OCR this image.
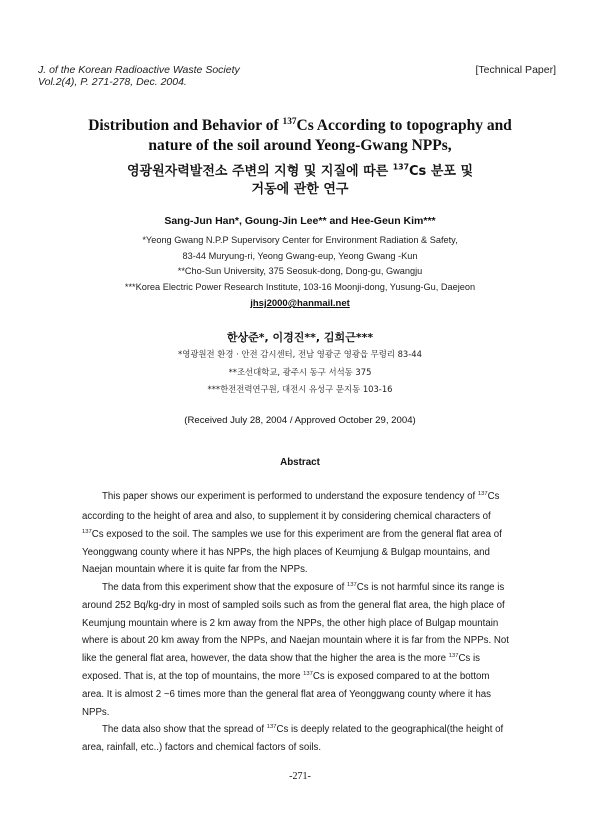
J. of the Korean Radioactive Waste Society
Vol.2(4), P. 271-278, Dec. 2004.
[Technical Paper]
Distribution and Behavior of $^{137}$Cs According to topography and
nature of the soil around Yeong-Gwang NPPs,
영광원자력발전소 주변의 지형 및 지질에 따른 $^{137}$Cs 분포 및
거동에 관한 연구
Sang-Jun Han*, Goung-Jin Lee** and Hee-Geun Kim***
*Yeong Gwang N.P.P Supervisory Center for Environment Radiation & Safety,
83-44 Muryung-ri, Yeong Gwang-eup, Yeong Gwang -Kun
**Cho-Sun University, 375 Seosuk-dong, Dong-gu, Gwangju
***Korea Electric Power Research Institute, 103-16 Moonji-dong, Yusung-Gu, Daejeon
jhsj2000@hanmail.net
한상준*, 이경진**, 김희근***
*영광원전 환경 · 안전 감시센터, 전남 영광군 영광읍 무령리 83-44
**조선대학교, 광주시 동구 서석동 375
***한전전력연구원, 대전시 유성구 문지동 103-16
(Received July 28, 2004 / Approved October 29, 2004)
Abstract
This paper shows our experiment is performed to understand the exposure tendency of $^{137}$Cs
according to the height of area and also, to supplement it by considering chemical characters of
$^{137}$Cs exposed to the soil. The samples we use for this experiment are from the general flat area of
Yeonggwang county where it has NPPs, the high places of Keumjung & Bulgap mountains, and
Naejan mountain where it is quite far from the NPPs.
The data from this experiment show that the exposure of $^{137}$Cs is not harmful since its range is
around 252 Bq/kg-dry in most of sampled soils such as from the general flat area, the high place of
Keumjung mountain where is 2 km away from the NPPs, the other high place of Bulgap mountain
where is about 20 km away from the NPPs, and Naejan mountain where it is far from the NPPs. Not
like the general flat area, however, the data show that the higher the area is the more $^{137}$Cs is
exposed. That is, at the top of mountains, the more $^{137}$Cs is exposed compared to at the bottom
area. It is almost 2 ~6 times more than the general flat area of Yeonggwang county where it has
NPPs.
The data also show that the spread of $^{137}$Cs is deeply related to the geographical(the height of
area, rainfall, etc..) factors and chemical factors of soils.
-271-
